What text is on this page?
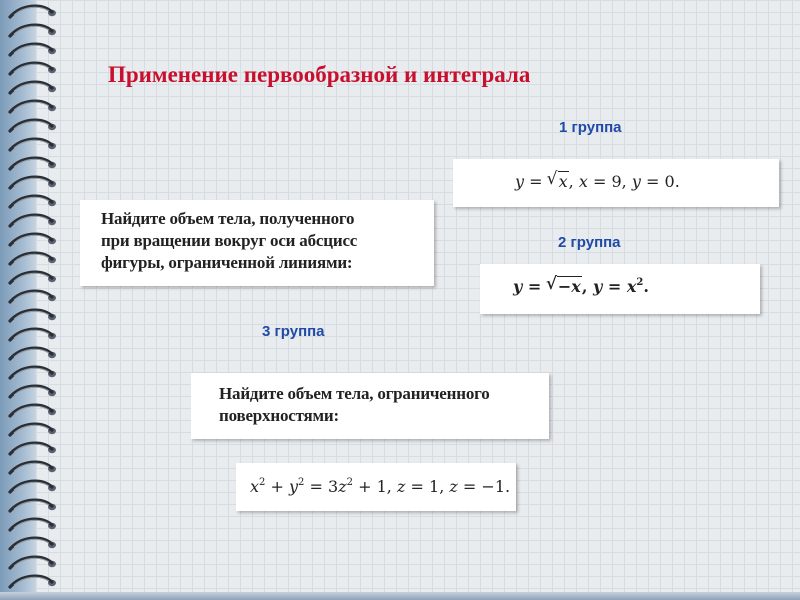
Применение первообразной и интеграла
1 группа
y = √ x, x = 9, y = 0.
Найдите объем тела, полученного
при вращении вокруг оси абсцисс
фигуры, ограниченной линиями:
2 группа
y = √ −x, $y = x^2$.
3 группа
Найдите объем тела, ограниченного
поверхностями:
$x^2 + y^2 = 3z^2 + 1$, z = 1, z = −1.
